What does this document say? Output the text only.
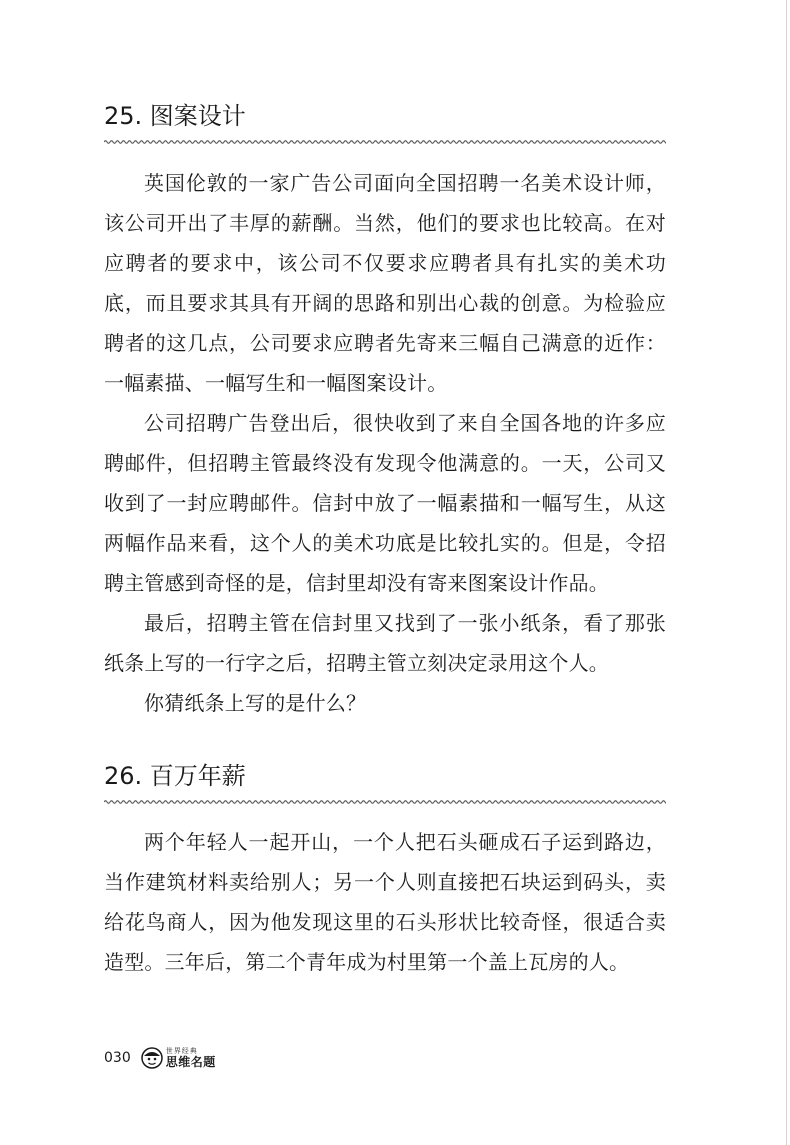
25. 图案设计

英国伦敦的一家广告公司面向全国招聘一名美术设计师，该公司开出了丰厚的薪酬。当然，他们的要求也比较高。在对应聘者的要求中，该公司不仅要求应聘者具有扎实的美术功底，而且要求其具有开阔的思路和别出心裁的创意。为检验应聘者的这几点，公司要求应聘者先寄来三幅自己满意的近作：一幅素描、一幅写生和一幅图案设计。

公司招聘广告登出后，很快收到了来自全国各地的许多应聘邮件，但招聘主管最终没有发现令他满意的。一天，公司又收到了一封应聘邮件。信封中放了一幅素描和一幅写生，从这两幅作品来看，这个人的美术功底是比较扎实的。但是，令招聘主管感到奇怪的是，信封里却没有寄来图案设计作品。

最后，招聘主管在信封里又找到了一张小纸条，看了那张纸条上写的一行字之后，招聘主管立刻决定录用这个人。

你猜纸条上写的是什么？

26. 百万年薪

两个年轻人一起开山，一个人把石头砸成石子运到路边，当作建筑材料卖给别人；另一个人则直接把石块运到码头，卖给花鸟商人，因为他发现这里的石头形状比较奇怪，很适合卖造型。三年后，第二个青年成为村里第一个盖上瓦房的人。

030	世界经典
思维名题
